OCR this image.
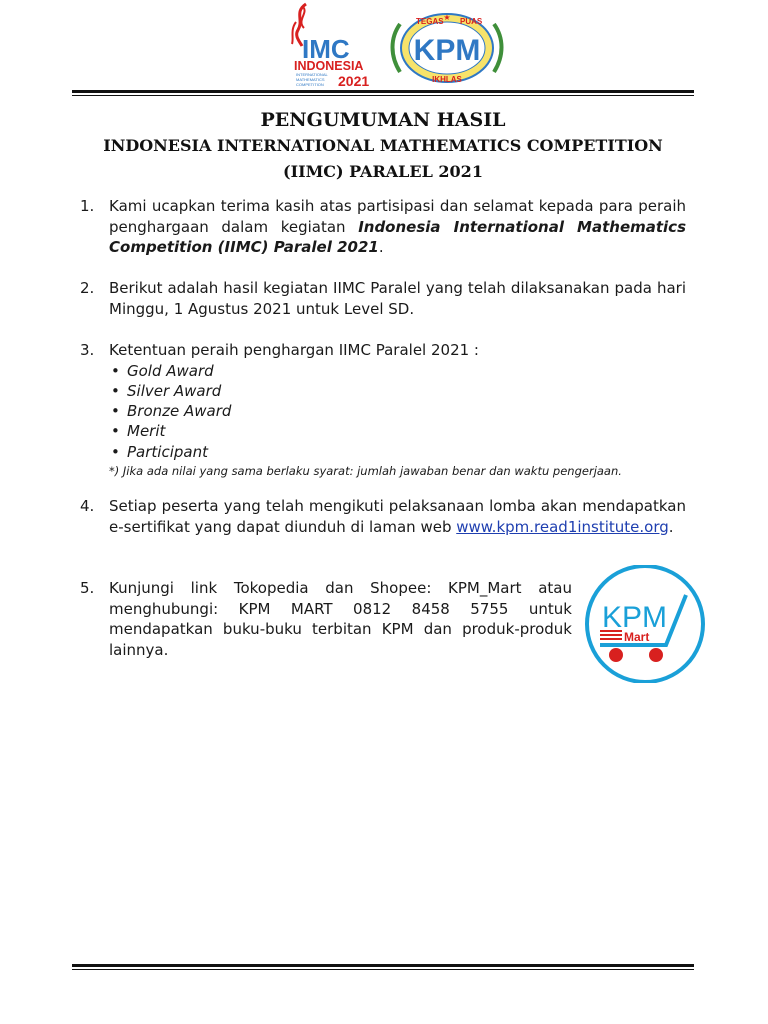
IMC
INDONESIA
INTERNATIONAL
MATHEMATICS
COMPETITION 2021
KPM
TEGAS PUAS
IKHLAS
★
PENGUMUMAN HASIL
INDONESIA INTERNATIONAL MATHEMATICS COMPETITION
(IIMC) PARALEL 2021
1. Kami ucapkan terima kasih atas partisipasi dan selamat kepada para peraih penghargaan dalam kegiatan Indonesia International Mathematics Competition (IIMC) Paralel 2021.
2. Berikut adalah hasil kegiatan IIMC Paralel yang telah dilaksanakan pada hari Minggu, 1 Agustus 2021 untuk Level SD.
3. Ketentuan peraih penghargan IIMC Paralel 2021 :
• Gold Award
• Silver Award
• Bronze Award
• Merit
• Participant
*) Jika ada nilai yang sama berlaku syarat: jumlah jawaban benar dan waktu pengerjaan.
4. Setiap peserta yang telah mengikuti pelaksanaan lomba akan mendapatkan e-sertifikat yang dapat diunduh di laman web www.kpm.read1institute.org.
5. Kunjungi link Tokopedia dan Shopee: KPM_Mart atau menghubungi: KPM MART 0812 8458 5755 untuk mendapatkan buku-buku terbitan KPM dan produk-produk lainnya.
KPM
Mart
